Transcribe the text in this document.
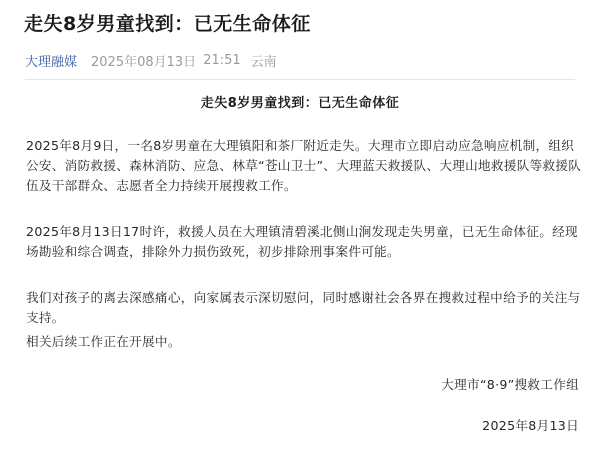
走失8岁男童找到：已无生命体征
大理融媒 2025年08月13日 21:51 云南
走失8岁男童找到：已无生命体征

2025年8月9日，一名8岁男童在大理镇阳和茶厂附近走失。大理市立即启动应急响应机制，组织公安、消防救援、森林消防、应急、林草“苍山卫士”、大理蓝天救援队、大理山地救援队等救援队伍及干部群众、志愿者全力持续开展搜救工作。

2025年8月13日17时许，救援人员在大理镇清碧溪北侧山涧发现走失男童，已无生命体征。经现场勘验和综合调查，排除外力损伤致死，初步排除刑事案件可能。

我们对孩子的离去深感痛心，向家属表示深切慰问，同时感谢社会各界在搜救过程中给予的关注与支持。

相关后续工作正在开展中。

大理市“8·9”搜救工作组
2025年8月13日
